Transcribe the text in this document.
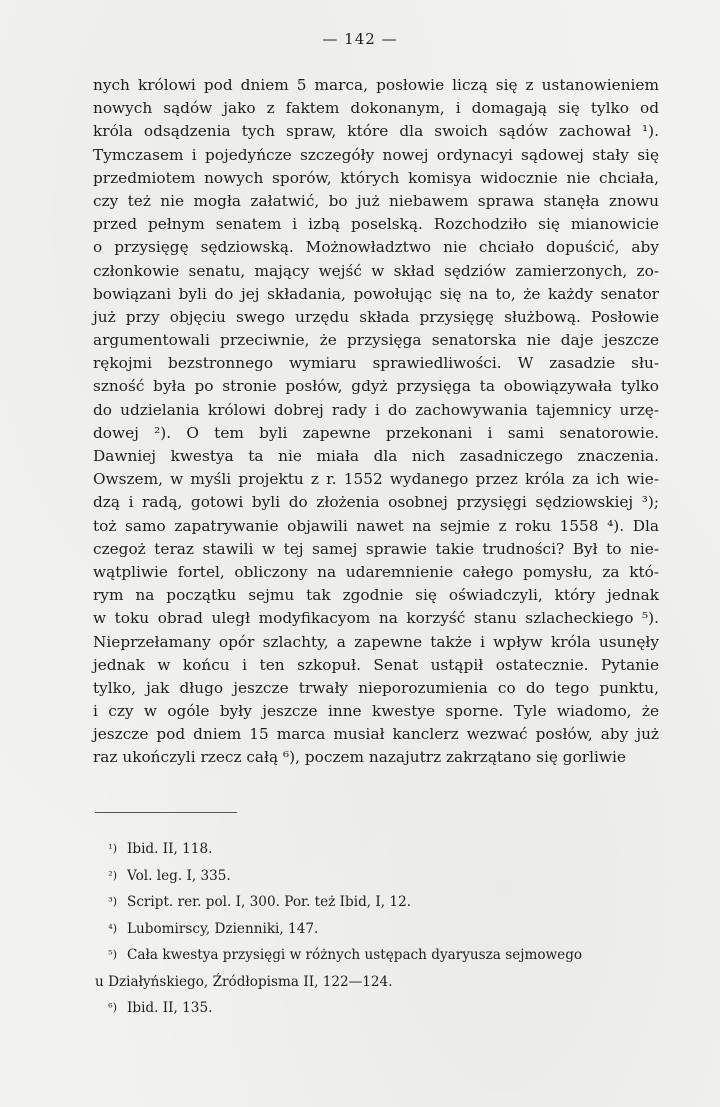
— 142 —
nych królowi pod dniem 5 marca, posłowie liczą się z ustanowieniem
nowych sądów jako z faktem dokonanym, i domagają się tylko od
króla odsądzenia tych spraw, które dla swoich sądów zachował ¹).
Tymczasem i pojedyńcze szczegóły nowej ordynacyi sądowej stały się
przedmiotem nowych sporów, których komisya widocznie nie chciała,
czy też nie mogła załatwić, bo już niebawem sprawa stanęła znowu
przed pełnym senatem i izbą poselską. Rozchodziło się mianowicie
o przysięgę sędziowską. Możnowładztwo nie chciało dopuścić, aby
członkowie senatu, mający wejść w skład sędziów zamierzonych, zo-
bowiązani byli do jej składania, powołując się na to, że każdy senator
już przy objęciu swego urzędu składa przysięgę służbową. Posłowie
argumentowali przeciwnie, że przysięga senatorska nie daje jeszcze
rękojmi bezstronnego wymiaru sprawiedliwości. W zasadzie słu-
szność była po stronie posłów, gdyż przysięga ta obowiązywała tylko
do udzielania królowi dobrej rady i do zachowywania tajemnicy urzę-
dowej ²). O tem byli zapewne przekonani i sami senatorowie.
Dawniej kwestya ta nie miała dla nich zasadniczego znaczenia.
Owszem, w myśli projektu z r. 1552 wydanego przez króla za ich wie-
dzą i radą, gotowi byli do złożenia osobnej przysięgi sędziowskiej ³);
toż samo zapatrywanie objawili nawet na sejmie z roku 1558 ⁴). Dla
czegoż teraz stawili w tej samej sprawie takie trudności? Był to nie-
wątpliwie fortel, obliczony na udaremnienie całego pomysłu, za któ-
rym na początku sejmu tak zgodnie się oświadczyli, który jednak
w toku obrad uległ modyfikacyom na korzyść stanu szlacheckiego ⁵).
Nieprzełamany opór szlachty, a zapewne także i wpływ króla usunęły
jednak w końcu i ten szkopuł. Senat ustąpił ostatecznie. Pytanie
tylko, jak długo jeszcze trwały nieporozumienia co do tego punktu,
i czy w ogóle były jeszcze inne kwestye sporne. Tyle wiadomo, że
jeszcze pod dniem 15 marca musiał kanclerz wezwać posłów, aby już
raz ukończyli rzecz całą ⁶), poczem nazajutrz zakrzątano się gorliwie
¹) Ibid. II, 118.
²) Vol. leg. I, 335.
³) Script. rer. pol. I, 300. Por. też Ibid, I, 12.
⁴) Lubomirscy, Dzienniki, 147.
⁵) Cała kwestya przysięgi w różnych ustępach dyaryusza sejmowego
u Działyńskiego, Źródłopisma II, 122—124.
⁶) Ibid. II, 135.
